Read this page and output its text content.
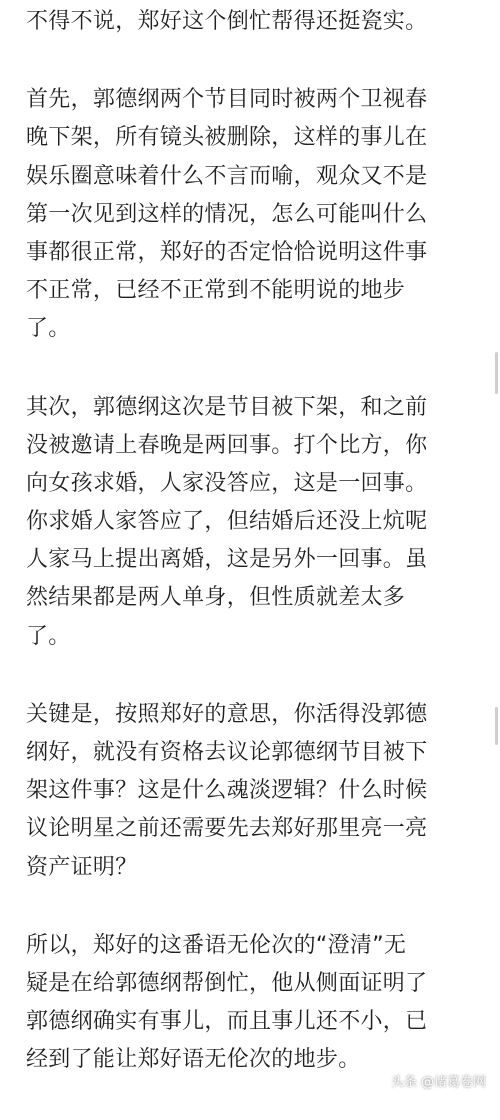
不得不说，郑好这个倒忙帮得还挺瓷实。
首先，郭德纲两个节目同时被两个卫视春
晚下架，所有镜头被删除，这样的事儿在
娱乐圈意味着什么不言而喻，观众又不是
第一次见到这样的情况，怎么可能叫什么
事都很正常，郑好的否定恰恰说明这件事
不正常，已经不正常到不能明说的地步
了。
其次，郭德纲这次是节目被下架，和之前
没被邀请上春晚是两回事。打个比方，你
向女孩求婚，人家没答应，这是一回事。
你求婚人家答应了，但结婚后还没上炕呢
人家马上提出离婚，这是另外一回事。虽
然结果都是两人单身，但性质就差太多
了。
关键是，按照郑好的意思，你活得没郭德
纲好，就没有资格去议论郭德纲节目被下
架这件事？这是什么魂淡逻辑？什么时候
议论明星之前还需要先去郑好那里亮一亮
资产证明？
所以，郑好的这番语无伦次的“澄清”无
疑是在给郭德纲帮倒忙，他从侧面证明了
郭德纲确实有事儿，而且事儿还不小，已
经到了能让郑好语无伦次的地步。
头条 @诸葛卷网
